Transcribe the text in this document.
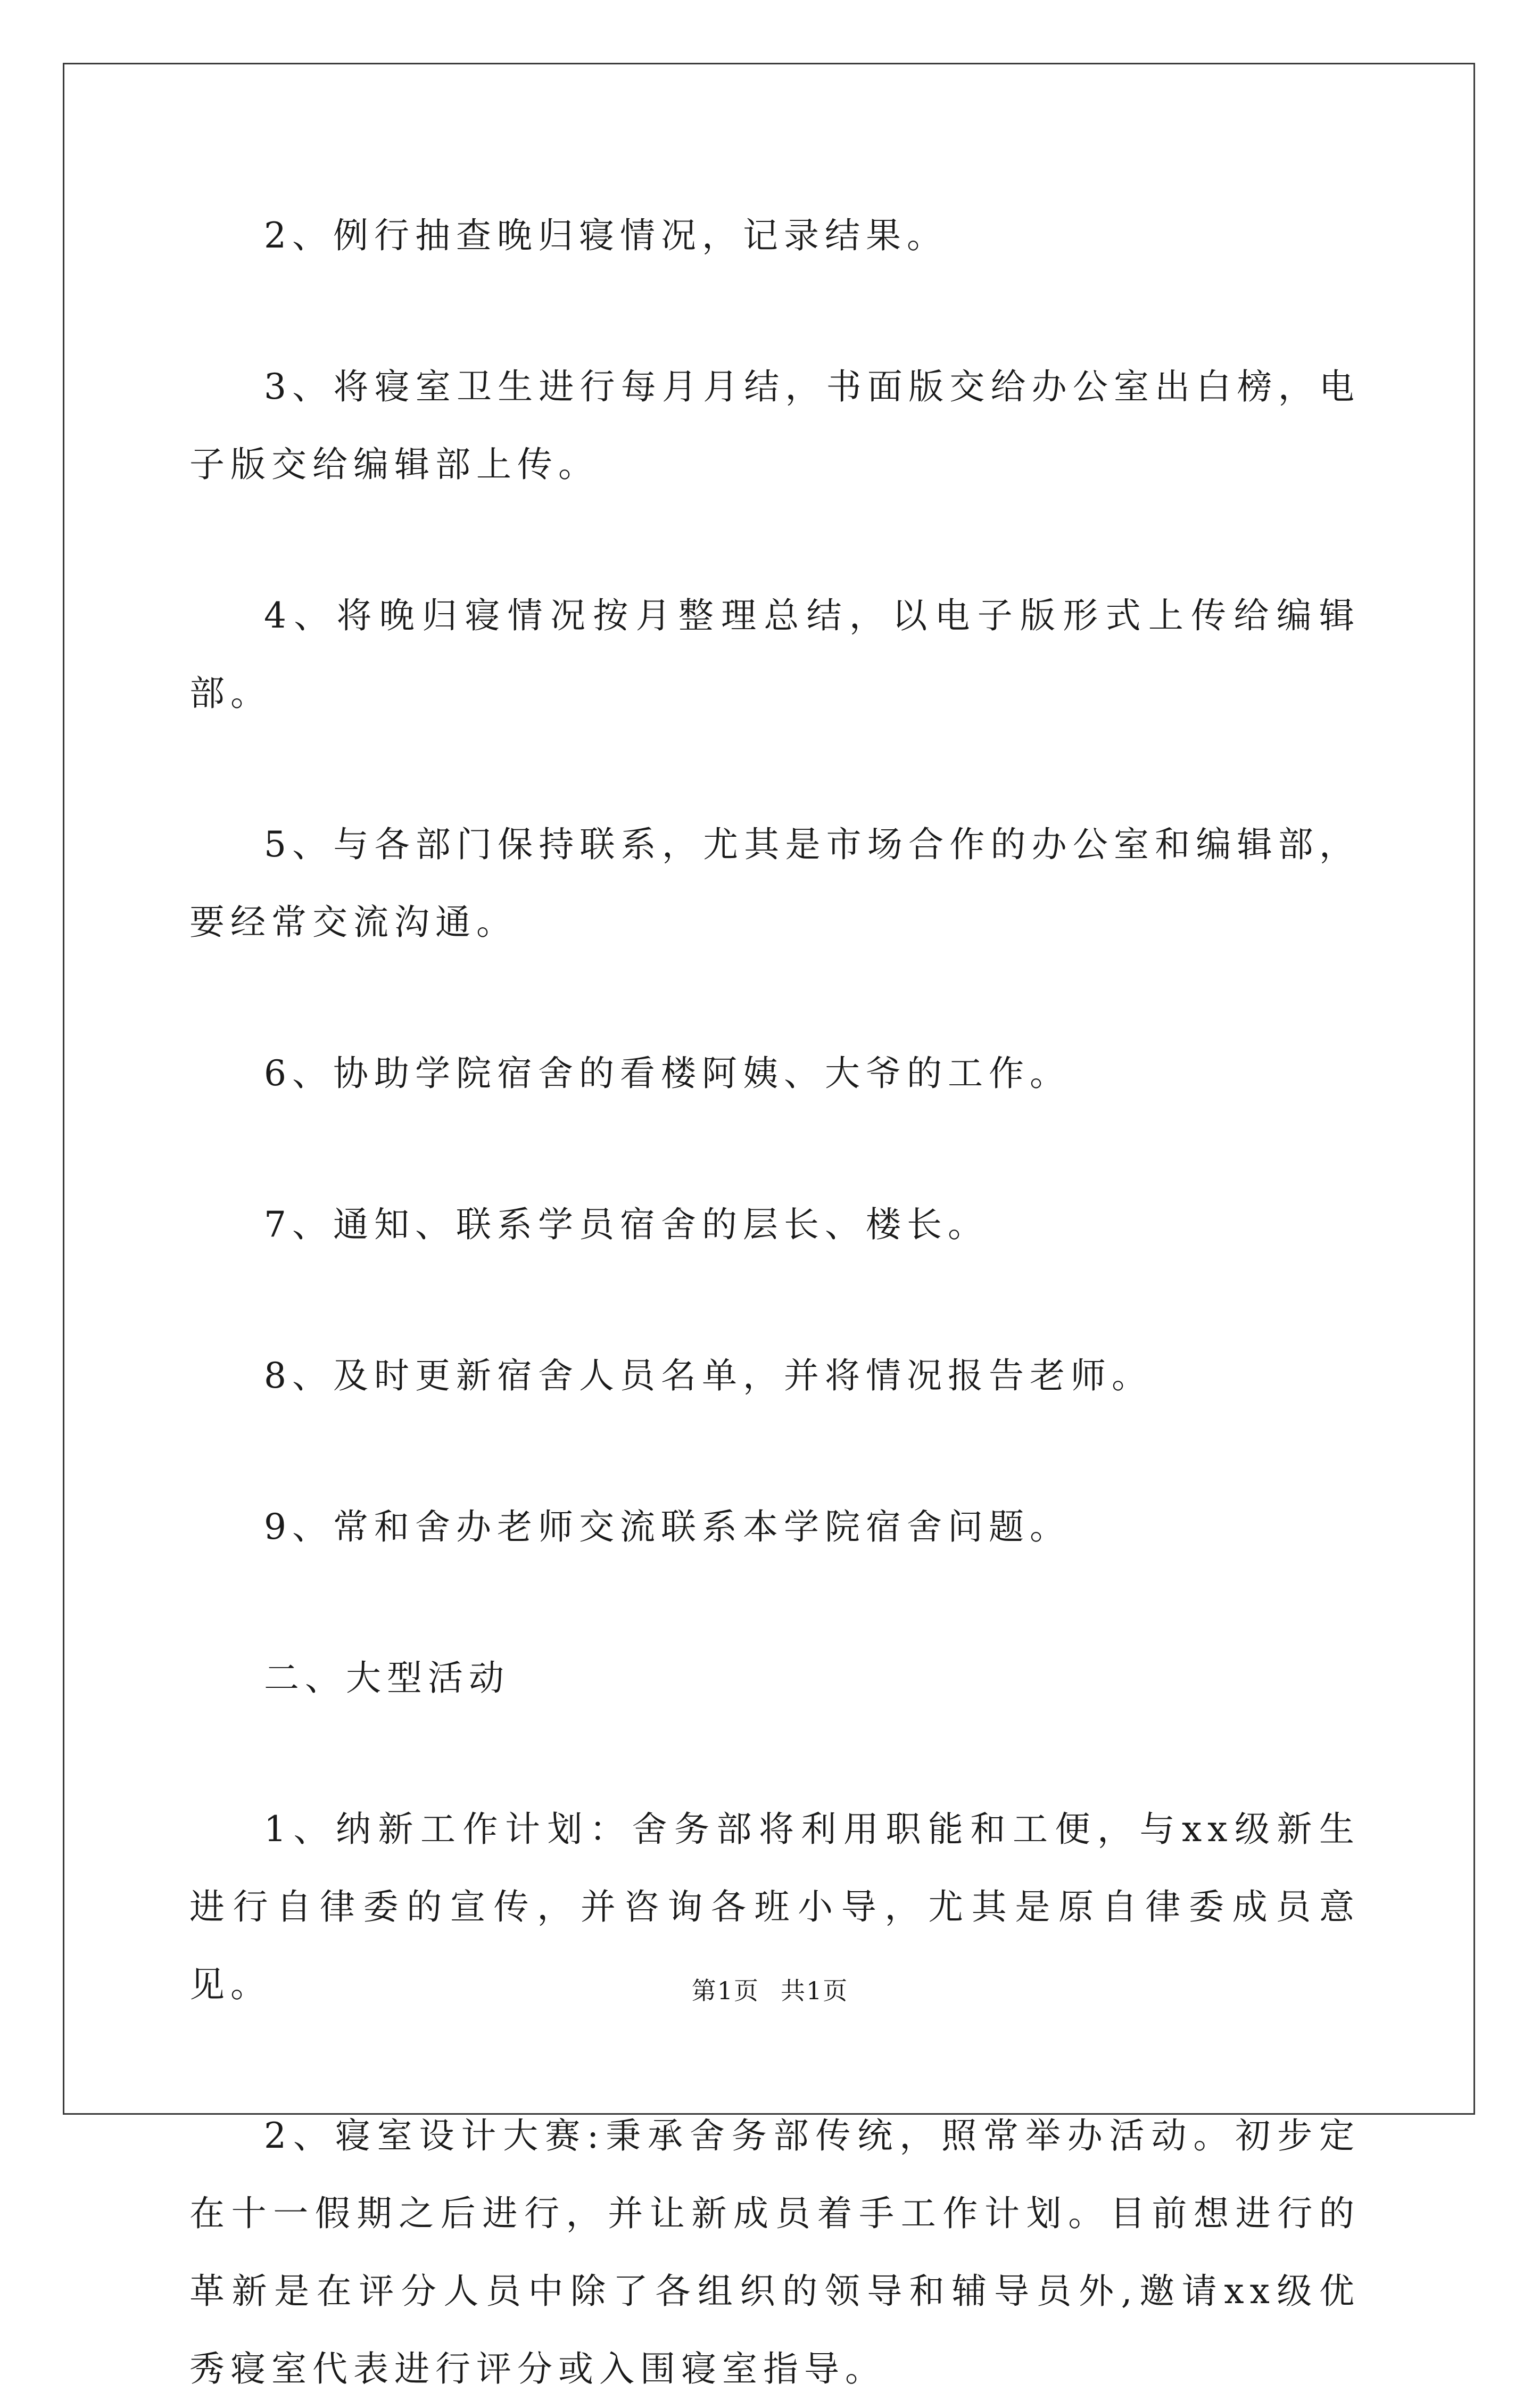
2、例行抽查晚归寝情况，记录结果。

3、将寝室卫生进行每月月结，书面版交给办公室出白榜，电子版交给编辑部上传。

4、将晚归寝情况按月整理总结，以电子版形式上传给编辑部。

5、与各部门保持联系，尤其是市场合作的办公室和编辑部，要经常交流沟通。

6、协助学院宿舍的看楼阿姨、大爷的工作。

7、通知、联系学员宿舍的层长、楼长。

8、及时更新宿舍人员名单，并将情况报告老师。

9、常和舍办老师交流联系本学院宿舍问题。

二、大型活动

1、纳新工作计划：舍务部将利用职能和工便，与xx级新生进行自律委的宣传，并咨询各班小导，尤其是原自律委成员意见。

2、寝室设计大赛:秉承舍务部传统，照常举办活动。初步定在十一假期之后进行，并让新成员着手工作计划。目前想进行的革新是在评分人员中除了各组织的领导和辅导员外,邀请xx级优秀寝室代表进行评分或入围寝室指导。

第1页 共1页
